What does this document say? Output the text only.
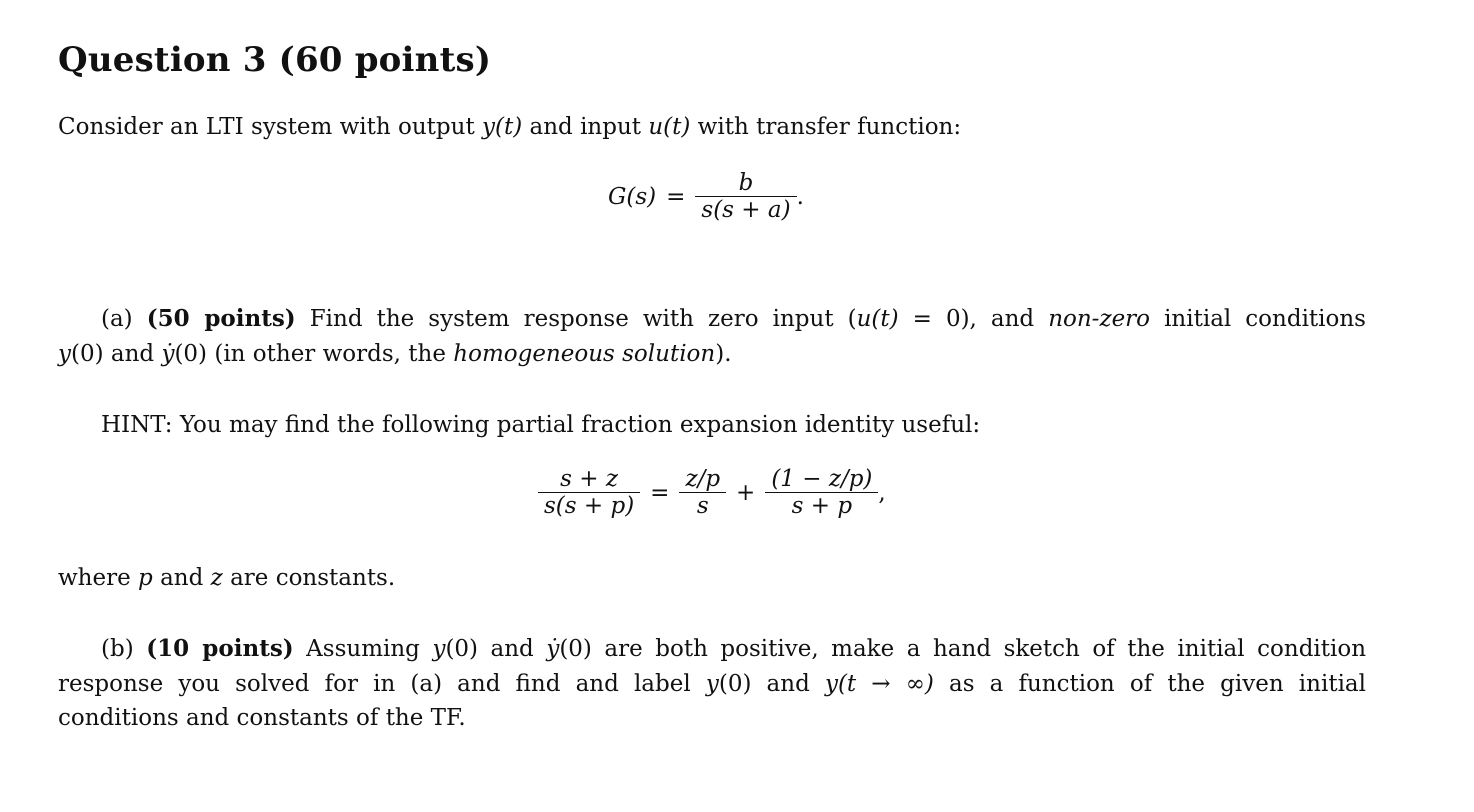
Question 3 (60 points)
Consider an LTI system with output y(t) and input u(t) with transfer function:
$G(s) = \frac{b}{s(s + a)}$ .
(a) (50 points) Find the system response with zero input (u(t) = 0), and non-zero initial conditions
y(0) and ẏ(0) (in other words, the homogeneous solution).
HINT: You may find the following partial fraction expansion identity useful:
$\frac{s + z}{s(s + p)} = \frac{z/p}{s} + \frac{(1 - z/p)}{s + p}$ ,
where p and z are constants.
(b) (10 points) Assuming y(0) and ẏ(0) are both positive, make a hand sketch of the initial condition
response you solved for in (a) and find and label y(0) and y(t → ∞) as a function of the given initial
conditions and constants of the TF.
